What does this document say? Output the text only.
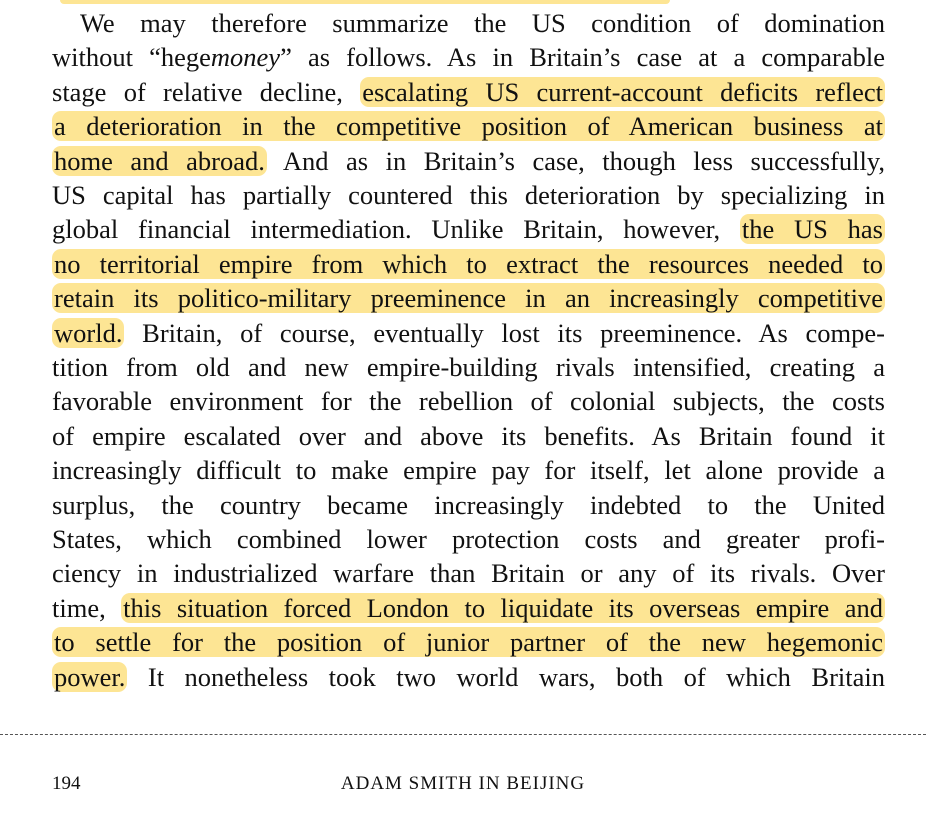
We may therefore summarize the US condition of domination
without “hegemoney” as follows. As in Britain’s case at a comparable
stage of relative decline, escalating US current-account deficits reflect
a deterioration in the competitive position of American business at
home and abroad. And as in Britain’s case, though less successfully,
US capital has partially countered this deterioration by specializing in
global financial intermediation. Unlike Britain, however, the US has
no territorial empire from which to extract the resources needed to
retain its politico-military preeminence in an increasingly competitive
world. Britain, of course, eventually lost its preeminence. As compe-
tition from old and new empire-building rivals intensified, creating a
favorable environment for the rebellion of colonial subjects, the costs
of empire escalated over and above its benefits. As Britain found it
increasingly difficult to make empire pay for itself, let alone provide a
surplus, the country became increasingly indebted to the United
States, which combined lower protection costs and greater profi-
ciency in industrialized warfare than Britain or any of its rivals. Over
time, this situation forced London to liquidate its overseas empire and
to settle for the position of junior partner of the new hegemonic
power. It nonetheless took two world wars, both of which Britain
194	ADAM SMITH IN BEIJING
